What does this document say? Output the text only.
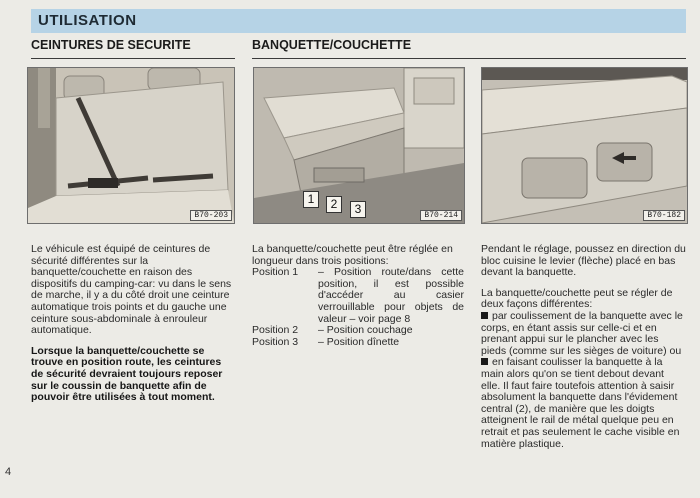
UTILISATION
CEINTURES DE SECURITE	BANQUETTE/COUCHETTE
B70-203
1	2	3	B70-214	B70-182

Le véhicule est équipé de ceintures de sécurité différentes sur la banquette/couchette en raison des dispositifs du camping-car: vu dans le sens de marche, il y a du côté droit une ceinture automatique trois points et du gauche une ceinture sous-abdominale à enrouleur automatique.

Lorsque la banquette/couchette se trouve en position route, les ceintures de sécurité devraient toujours reposer sur le coussin de banquette afin de pouvoir être utilisées à tout moment.

La banquette/couchette peut être réglée en longueur dans trois positions:

Position 1	– Position route/dans cette position, il est possible d'accéder au casier verrouillable pour objets de valeur – voir page 8
Position 2	– Position couchage
Position 3	– Position dînette

Pendant le réglage, poussez en direction du bloc cuisine le levier (flèche) placé en bas devant la banquette.

La banquette/couchette peut se régler de deux façons différentes:

par coulissement de la banquette avec le corps, en étant assis sur celle-ci et en prenant appui sur le plancher avec les pieds (comme sur les sièges de voiture) ou

en faisant coulisser la banquette à la main alors qu'on se tient debout devant elle. Il faut faire toutefois attention à saisir absolument la banquette dans l'évidement central (2), de manière que les doigts atteignent le rail de métal quelque peu en retrait et pas seulement le cache visible en matière plastique.

4
